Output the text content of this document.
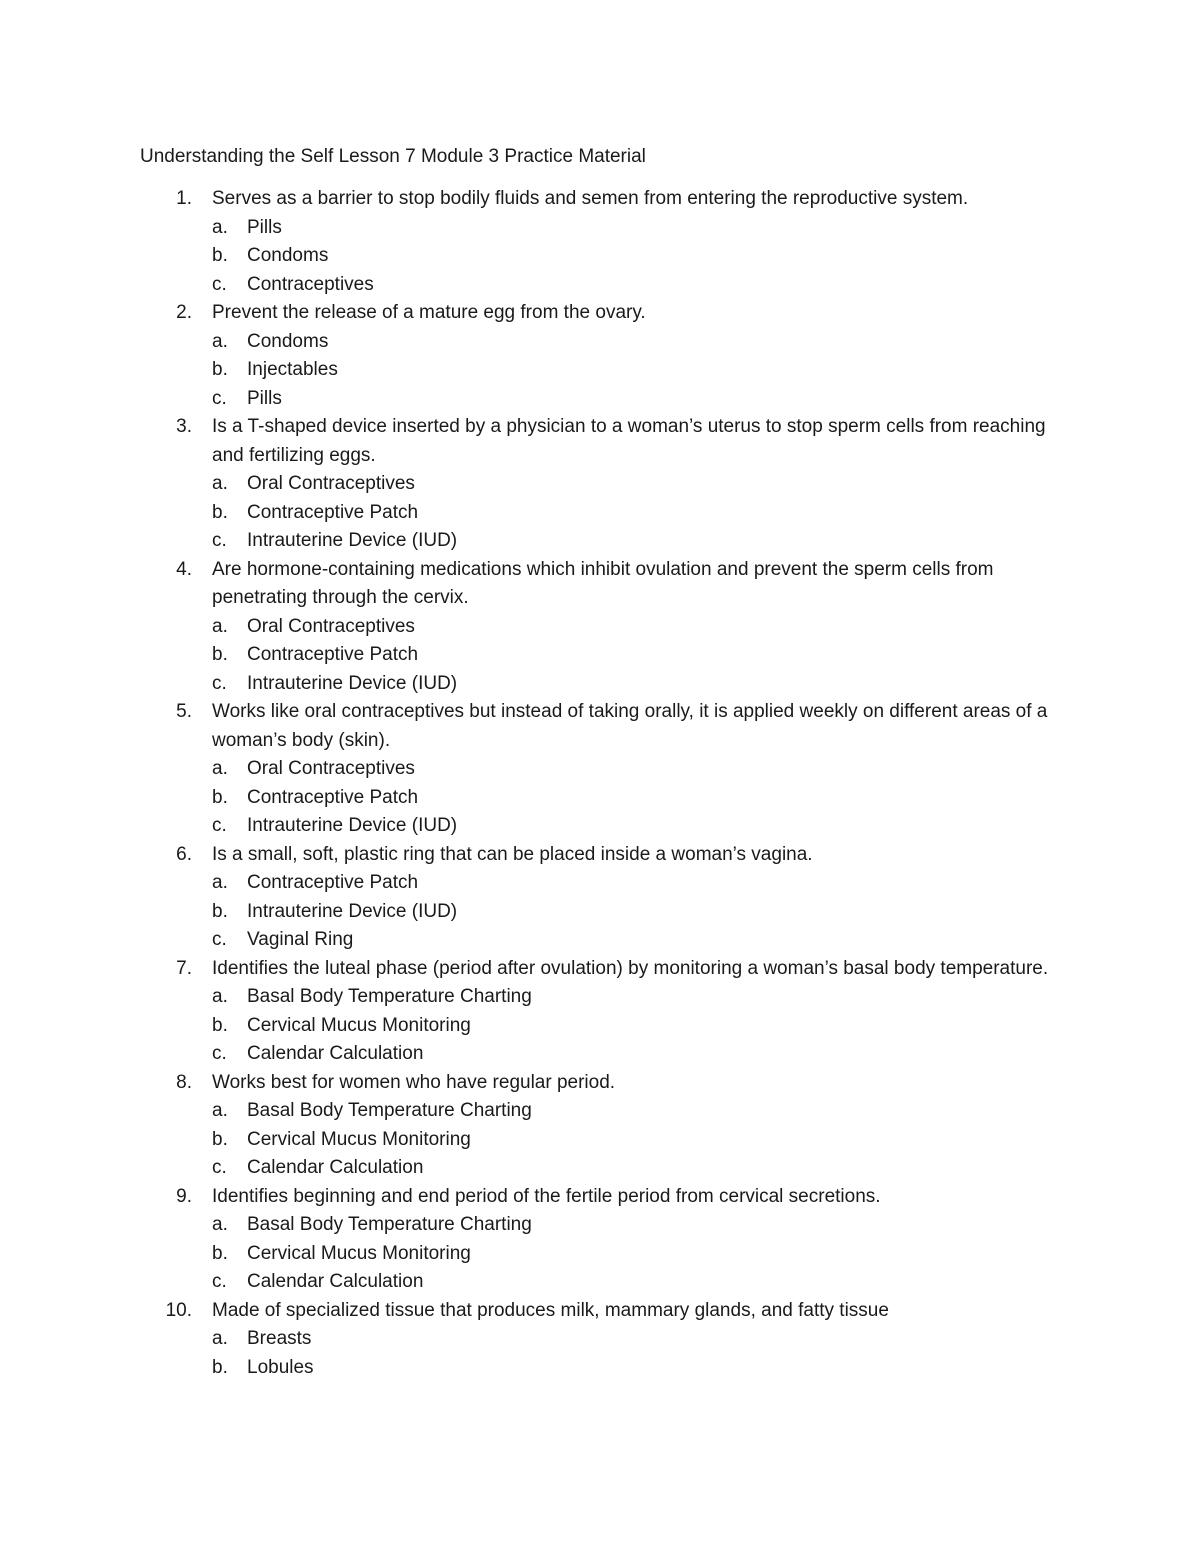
Understanding the Self Lesson 7 Module 3 Practice Material
1. Serves as a barrier to stop bodily fluids and semen from entering the reproductive system.
a. Pills
b. Condoms
c. Contraceptives
2. Prevent the release of a mature egg from the ovary.
a. Condoms
b. Injectables
c. Pills
3. Is a T-shaped device inserted by a physician to a woman’s uterus to stop sperm cells from reaching and fertilizing eggs.
a. Oral Contraceptives
b. Contraceptive Patch
c. Intrauterine Device (IUD)
4. Are hormone-containing medications which inhibit ovulation and prevent the sperm cells from penetrating through the cervix.
a. Oral Contraceptives
b. Contraceptive Patch
c. Intrauterine Device (IUD)
5. Works like oral contraceptives but instead of taking orally, it is applied weekly on different areas of a woman’s body (skin).
a. Oral Contraceptives
b. Contraceptive Patch
c. Intrauterine Device (IUD)
6. Is a small, soft, plastic ring that can be placed inside a woman’s vagina.
a. Contraceptive Patch
b. Intrauterine Device (IUD)
c. Vaginal Ring
7. Identifies the luteal phase (period after ovulation) by monitoring a woman’s basal body temperature.
a. Basal Body Temperature Charting
b. Cervical Mucus Monitoring
c. Calendar Calculation
8. Works best for women who have regular period.
a. Basal Body Temperature Charting
b. Cervical Mucus Monitoring
c. Calendar Calculation
9. Identifies beginning and end period of the fertile period from cervical secretions.
a. Basal Body Temperature Charting
b. Cervical Mucus Monitoring
c. Calendar Calculation
10. Made of specialized tissue that produces milk, mammary glands, and fatty tissue
a. Breasts
b. Lobules
